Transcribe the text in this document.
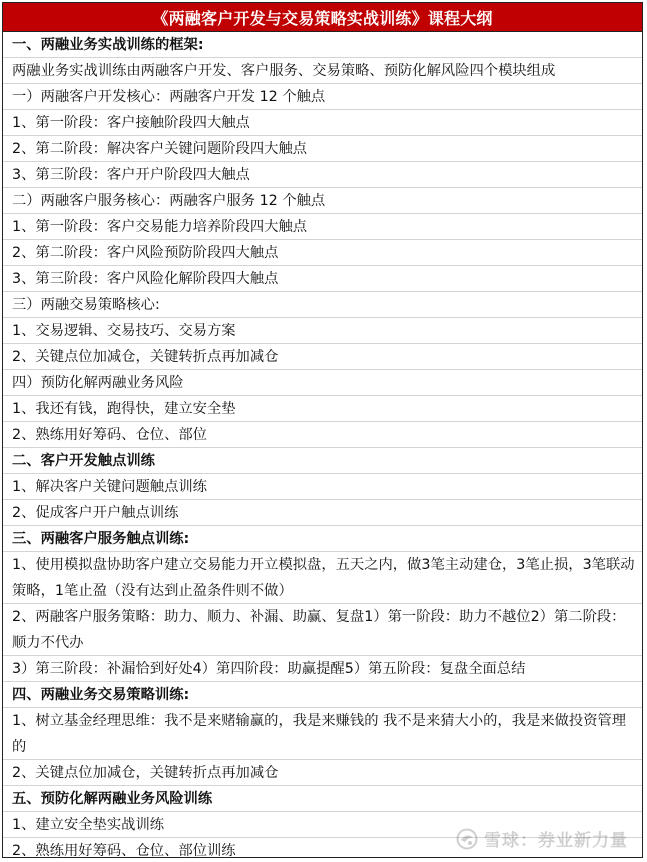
《两融客户开发与交易策略实战训练》课程大纲
一、两融业务实战训练的框架:
两融业务实战训练由两融客户开发、客户服务、交易策略、预防化解风险四个模块组成
一）两融客户开发核心：两融客户开发 12 个触点
1、第一阶段：客户接触阶段四大触点
2、第二阶段：解决客户关键问题阶段四大触点
3、第三阶段：客户开户阶段四大触点
二）两融客户服务核心：两融客户服务 12 个触点
1、第一阶段：客户交易能力培养阶段四大触点
2、第二阶段：客户风险预防阶段四大触点
3、第三阶段：客户风险化解阶段四大触点
三）两融交易策略核心:
1、交易逻辑、交易技巧、交易方案
2、关键点位加减仓，关键转折点再加减仓
四）预防化解两融业务风险
1、我还有钱，跑得快，建立安全垫
2、熟练用好筹码、仓位、部位
二、客户开发触点训练
1、解决客户关键问题触点训练
2、促成客户开户触点训练
三、两融客户服务触点训练:
1、使用模拟盘协助客户建立交易能力开立模拟盘，五天之内，做3笔主动建仓，3笔止损，3笔联动策略，1笔止盈（没有达到止盈条件则不做）
2、两融客户服务策略：助力、顺力、补漏、助赢、复盘1）第一阶段：助力不越位2）第二阶段：顺力不代办
3）第三阶段：补漏恰到好处4）第四阶段：助赢提醒5）第五阶段：复盘全面总结
四、两融业务交易策略训练:
1、树立基金经理思维：我不是来赌输赢的，我是来赚钱的 我不是来猜大小的，我是来做投资管理的
2、关键点位加减仓，关键转折点再加减仓
五、预防化解两融业务风险训练
1、建立安全垫实战训练
2、熟练用好筹码、仓位、部位训练	雪球：券业新力量
